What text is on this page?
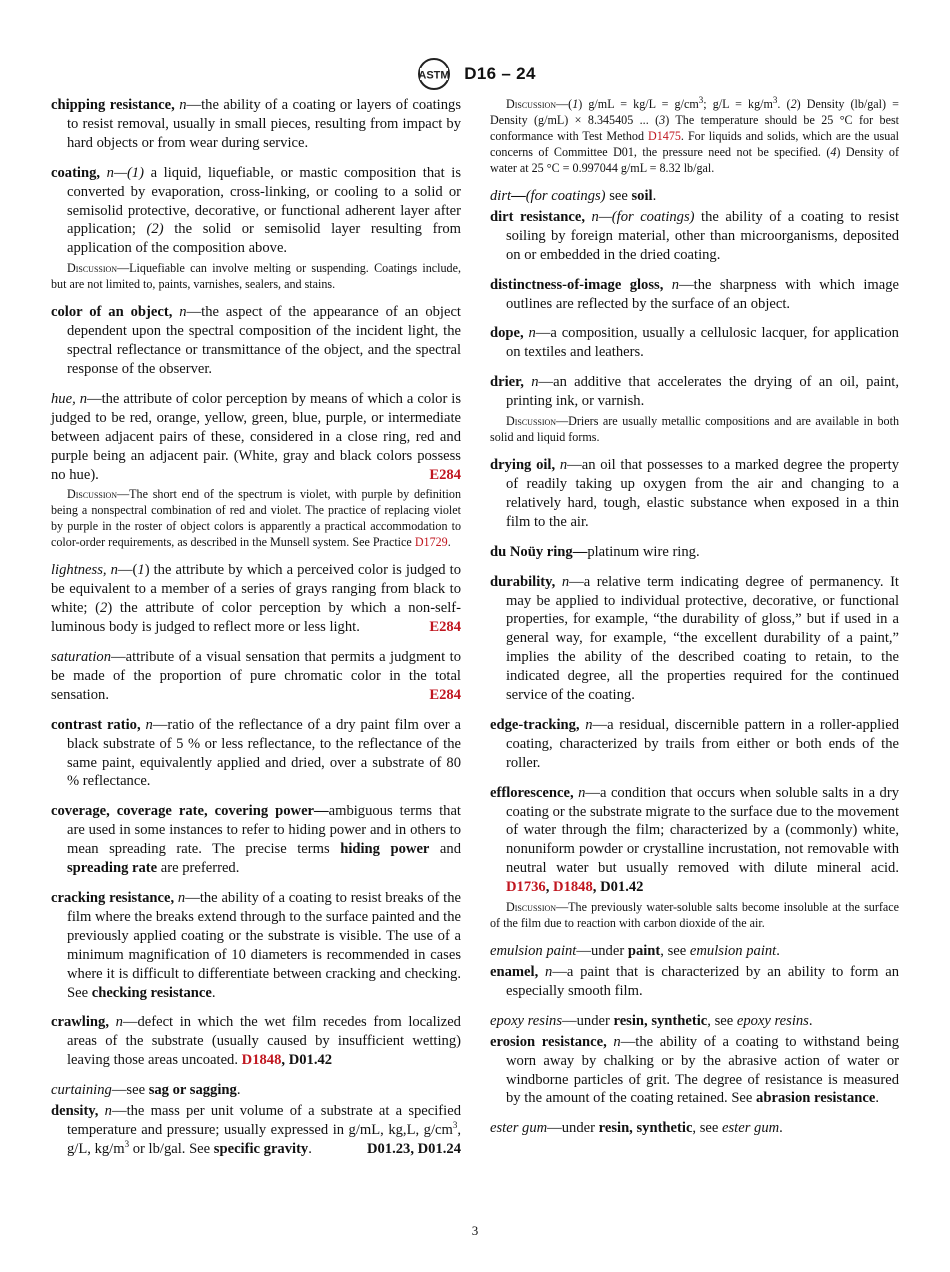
ASTM D16 – 24

chipping resistance, n—the ability of a coating or layers of coatings to resist removal, usually in small pieces, resulting from impact by hard objects or from wear during service.

coating, n—(1) a liquid, liquefiable, or mastic composition that is converted by evaporation, cross-linking, or cooling to a solid or semisolid protective, decorative, or functional adherent layer after application; (2) the solid or semisolid layer resulting from application of the composition above.

Discussion—Liquefiable can involve melting or suspending. Coatings include, but are not limited to, paints, varnishes, sealers, and stains.

color of an object, n—the aspect of the appearance of an object dependent upon the spectral composition of the incident light, the spectral reflectance or transmittance of the object, and the spectral response of the observer.

hue, n—the attribute of color perception by means of which a color is judged to be red, orange, yellow, green, blue, purple, or intermediate between adjacent pairs of these, considered in a close ring, red and purple being an adjacent pair. (White, gray and black colors possess no hue).	E284

Discussion—The short end of the spectrum is violet, with purple by definition being a nonspectral combination of red and violet. The practice of replacing violet by purple in the roster of object colors is apparently a practical accommodation to color-order requirements, as described in the Munsell system. See Practice D1729.

lightness, n—(1) the attribute by which a perceived color is judged to be equivalent to a member of a series of grays ranging from black to white; (2) the attribute of color perception by which a non-self-luminous body is judged to reflect more or less light.	E284

saturation—attribute of a visual sensation that permits a judgment to be made of the proportion of pure chromatic color in the total sensation.	E284

contrast ratio, n—ratio of the reflectance of a dry paint film over a black substrate of 5 % or less reflectance, to the reflectance of the same paint, equivalently applied and dried, over a substrate of 80 % reflectance.

coverage, coverage rate, covering power—ambiguous terms that are used in some instances to refer to hiding power and in others to mean spreading rate. The precise terms hiding power and spreading rate are preferred.

cracking resistance, n—the ability of a coating to resist breaks of the film where the breaks extend through to the surface painted and the previously applied coating or the substrate is visible. The use of a minimum magnification of 10 diameters is recommended in cases where it is difficult to differentiate between cracking and checking. See checking resistance.

crawling, n—defect in which the wet film recedes from localized areas of the substrate (usually caused by insufficient wetting) leaving those areas uncoated. D1848, D01.42

curtaining—see sag or sagging.

density, n—the mass per unit volume of a substrate at a specified temperature and pressure; usually expressed in g/mL, kg,L, $g/cm^3$, g/L, $kg/m^3$ or lb/gal. See specific gravity.	D01.23, D01.24

Discussion—(1) $g/mL = kg/L = g/cm^3$; $g/L = kg/m^3$. (2) Density (lb/gal) = Density (g/mL) × 8.345405 ... (3) The temperature should be 25 °C for best conformance with Test Method D1475. For liquids and solids, which are the usual concerns of Committee D01, the pressure need not be specified. (4) Density of water at 25 °C = 0.997044 g/mL = 8.32 lb/gal.

dirt—(for coatings) see soil.

dirt resistance, n—(for coatings) the ability of a coating to resist soiling by foreign material, other than microorganisms, deposited on or embedded in the dried coating.

distinctness-of-image gloss, n—the sharpness with which image outlines are reflected by the surface of an object.

dope, n—a composition, usually a cellulosic lacquer, for application on textiles and leathers.

drier, n—an additive that accelerates the drying of an oil, paint, printing ink, or varnish.

Discussion—Driers are usually metallic compositions and are available in both solid and liquid forms.

drying oil, n—an oil that possesses to a marked degree the property of readily taking up oxygen from the air and changing to a relatively hard, tough, elastic substance when exposed in a thin film to the air.

du Noüy ring—platinum wire ring.

durability, n—a relative term indicating degree of permanency. It may be applied to individual protective, decorative, or functional properties, for example, “the durability of gloss,” but if used in a general way, for example, “the excellent durability of a paint,” implies the ability of the described coating to retain, to the indicated degree, all the properties required for the continued service of the coating.

edge-tracking, n—a residual, discernible pattern in a roller-applied coating, characterized by trails from either or both ends of the roller.

efflorescence, n—a condition that occurs when soluble salts in a dry coating or the substrate migrate to the surface due to the movement of water through the film; characterized by a (commonly) white, nonuniform powder or crystalline incrustation, not removable with neutral water but usually removed with dilute mineral acid. D1736, D1848, D01.42

Discussion—The previously water-soluble salts become insoluble at the surface of the film due to reaction with carbon dioxide of the air.

emulsion paint—under paint, see emulsion paint.

enamel, n—a paint that is characterized by an ability to form an especially smooth film.

epoxy resins—under resin, synthetic, see epoxy resins.

erosion resistance, n—the ability of a coating to withstand being worn away by chalking or by the abrasive action of water or windborne particles of grit. The degree of resistance is measured by the amount of the coating retained. See abrasion resistance.

ester gum—under resin, synthetic, see ester gum.

3
